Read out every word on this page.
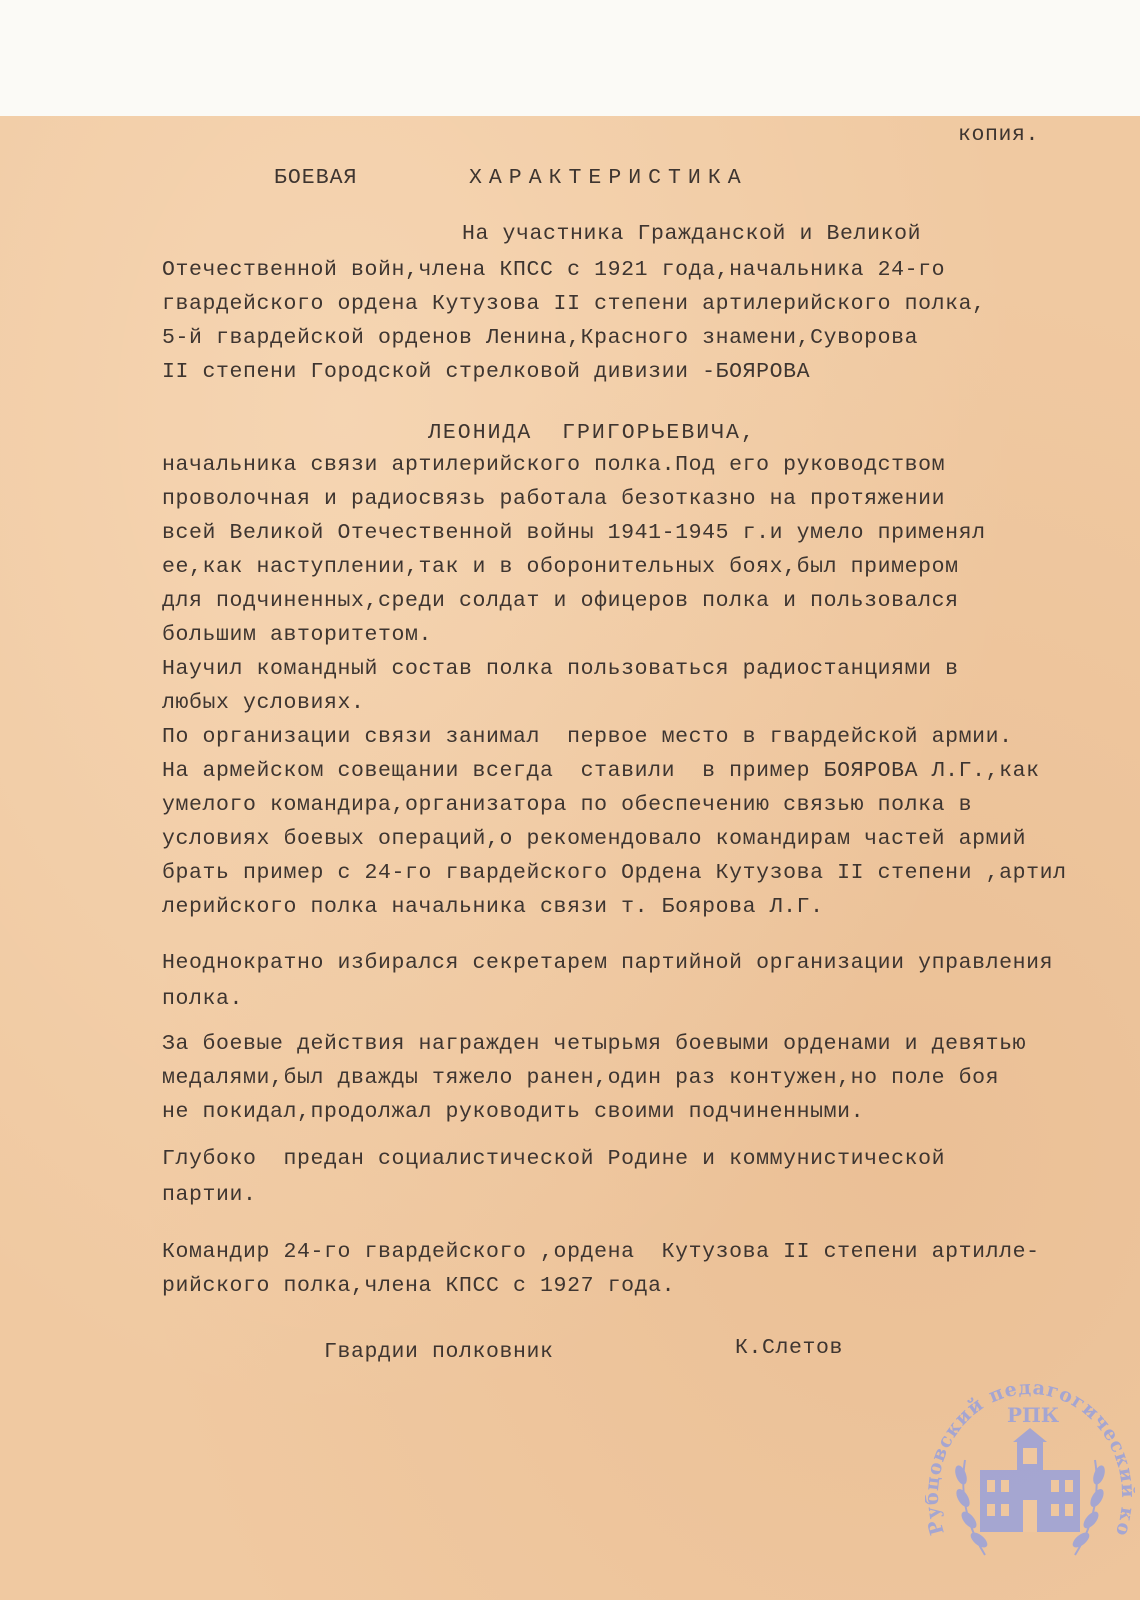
копия.
БОЕВАЯ	ХАРАКТЕРИСТИКА
На участника Гражданской и Великой
Отечественной войн,члена КПСС с 1921 года,начальника 24-го
гвардейского ордена Кутузова II степени артилерийского полка,
5-й гвардейской орденов Ленина,Красного знамени,Суворова
II степени Городской стрелковой дивизии -БОЯРОВА
ЛЕОНИДА  ГРИГОРЬЕВИЧА,
начальника связи артилерийского полка.Под его руководством
проволочная и радиосвязь работала безотказно на протяжении
всей Великой Отечественной войны 1941-1945 г.и умело применял
ее,как наступлении,так и в оборонительных боях,был примером
для подчиненных,среди солдат и офицеров полка и пользовался
большим авторитетом.
Научил командный состав полка пользоваться радиостанциями в
любых условиях.
По организации связи занимал  первое место в гвардейской армии.
На армейском совещании всегда  ставили  в пример БОЯРОВА Л.Г.,как
умелого командира,организатора по обеспечению связью полка в
условиях боевых операций,о рекомендовало командирам частей армий
брать пример с 24-го гвардейского Ордена Кутузова II степени ,артил
лерийского полка начальника связи т. Боярова Л.Г.
Неоднократно избирался секретарем партийной организации управления
полка.
За боевые действия награжден четырьмя боевыми орденами и девятью
медалями,был дважды тяжело ранен,один раз контужен,но поле боя
не покидал,продолжал руководить своими подчиненными.
Глубоко  предан социалистической Родине и коммунистической
партии.
Командир 24-го гвардейского ,ордена  Кутузова II степени артилле-
рийского полка,члена КПСС с 1927 года.
Гвардии полковник	К.Слетов
Р овский педагогическ о
РПК
